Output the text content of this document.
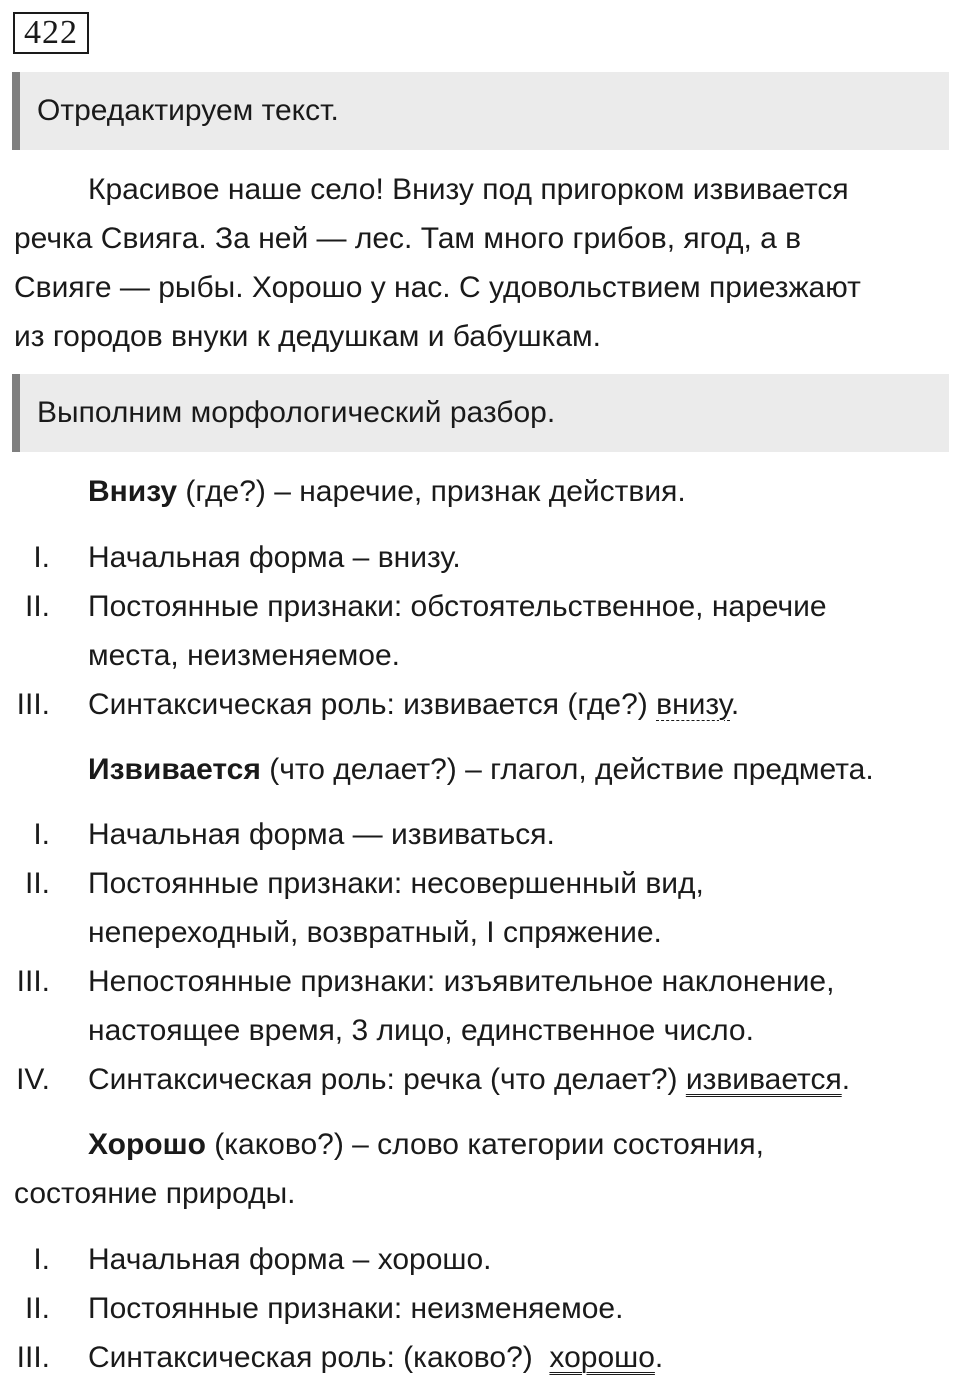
422
Отредактируем текст.
Красивое наше село! Внизу под пригорком извивается
речка Свияга. За ней — лес. Там много грибов, ягод, а в
Свияге — рыбы. Хорошо у нас. С удовольствием приезжают
из городов внуки к дедушкам и бабушкам.
Выполним морфологический разбор.
Внизу (где?) – наречие, признак действия.
I. Начальная форма – внизу.
II. Постоянные признаки: обстоятельственное, наречие
места, неизменяемое.
III. Синтаксическая роль: извивается (где?) внизу.
Извивается (что делает?) – глагол, действие предмета.
I. Начальная форма — извиваться.
II. Постоянные признаки: несовершенный вид,
непереходный, возвратный, I спряжение.
III. Непостоянные признаки: изъявительное наклонение,
настоящее время, 3 лицо, единственное число.
IV. Синтаксическая роль: речка (что делает?) извивается.
Хорошо (каково?) – слово категории состояния,
состояние природы.
I. Начальная форма – хорошо.
II. Постоянные признаки: неизменяемое.
III. Синтаксическая роль: (каково?)  хорошо.
